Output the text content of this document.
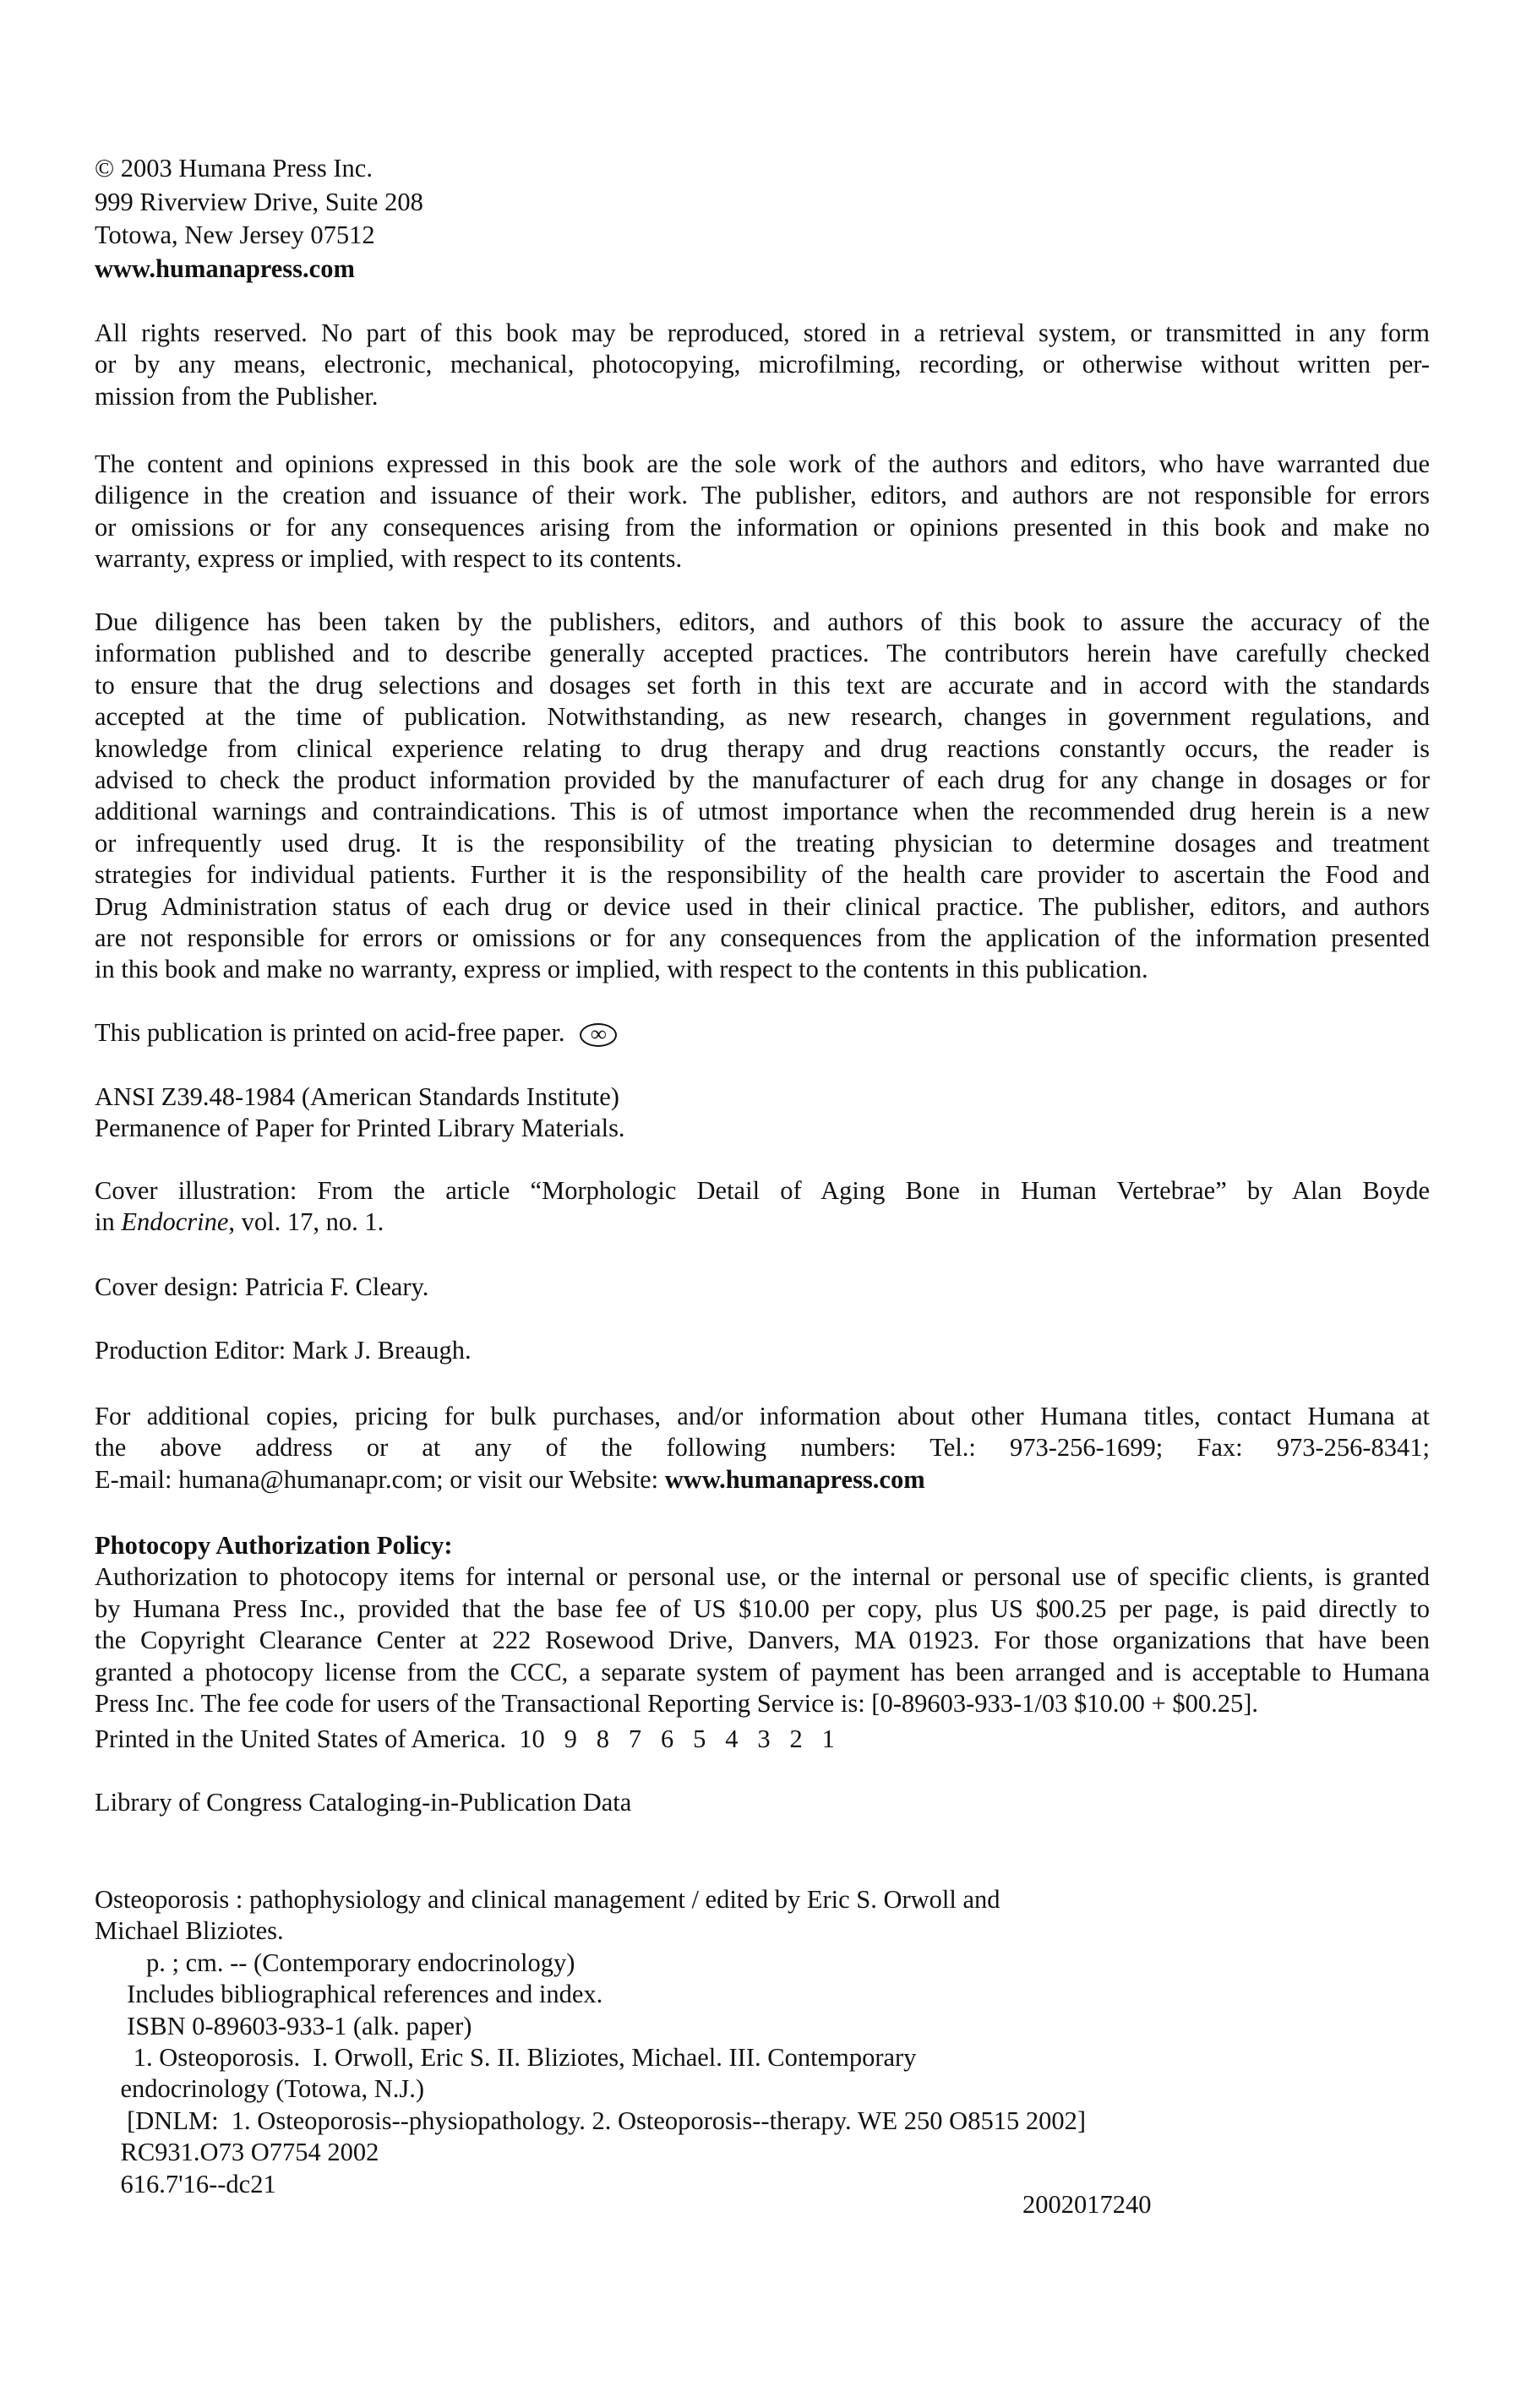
© 2003 Humana Press Inc.
999 Riverview Drive, Suite 208
Totowa, New Jersey 07512
www.humanapress.com
All rights reserved. No part of this book may be reproduced, stored in a retrieval system, or transmitted in any form
or by any means, electronic, mechanical, photocopying, microfilming, recording, or otherwise without written per-
mission from the Publisher.
The content and opinions expressed in this book are the sole work of the authors and editors, who have warranted due
diligence in the creation and issuance of their work. The publisher, editors, and authors are not responsible for errors
or omissions or for any consequences arising from the information or opinions presented in this book and make no
warranty, express or implied, with respect to its contents.
Due diligence has been taken by the publishers, editors, and authors of this book to assure the accuracy of the
information published and to describe generally accepted practices. The contributors herein have carefully checked
to ensure that the drug selections and dosages set forth in this text are accurate and in accord with the standards
accepted at the time of publication. Notwithstanding, as new research, changes in government regulations, and
knowledge from clinical experience relating to drug therapy and drug reactions constantly occurs, the reader is
advised to check the product information provided by the manufacturer of each drug for any change in dosages or for
additional warnings and contraindications. This is of utmost importance when the recommended drug herein is a new
or infrequently used drug. It is the responsibility of the treating physician to determine dosages and treatment
strategies for individual patients. Further it is the responsibility of the health care provider to ascertain the Food and
Drug Administration status of each drug or device used in their clinical practice. The publisher, editors, and authors
are not responsible for errors or omissions or for any consequences from the application of the information presented
in this book and make no warranty, express or implied, with respect to the contents in this publication.
This publication is printed on acid-free paper. ∞
ANSI Z39.48-1984 (American Standards Institute)
Permanence of Paper for Printed Library Materials.
Cover illustration: From the article “Morphologic Detail of Aging Bone in Human Vertebrae” by Alan Boyde
in Endocrine, vol. 17, no. 1.
Cover design: Patricia F. Cleary.
Production Editor: Mark J. Breaugh.
For additional copies, pricing for bulk purchases, and/or information about other Humana titles, contact Humana at
the above address or at any of the following numbers: Tel.: 973-256-1699; Fax: 973-256-8341;
E-mail: humana@humanapr.com; or visit our Website: www.humanapress.com
Photocopy Authorization Policy:
Authorization to photocopy items for internal or personal use, or the internal or personal use of specific clients, is granted
by Humana Press Inc., provided that the base fee of US $10.00 per copy, plus US $00.25 per page, is paid directly to
the Copyright Clearance Center at 222 Rosewood Drive, Danvers, MA 01923. For those organizations that have been
granted a photocopy license from the CCC, a separate system of payment has been arranged and is acceptable to Humana
Press Inc. The fee code for users of the Transactional Reporting Service is: [0-89603-933-1/03 $10.00 + $00.25].
Printed in the United States of America.  10   9   8   7   6   5   4   3   2   1
Library of Congress Cataloging-in-Publication Data
Osteoporosis : pathophysiology and clinical management / edited by Eric S. Orwoll and
Michael Bliziotes.
p. ; cm. -- (Contemporary endocrinology)
Includes bibliographical references and index.
ISBN 0-89603-933-1 (alk. paper)
1. Osteoporosis.  I. Orwoll, Eric S. II. Bliziotes, Michael. III. Contemporary
endocrinology (Totowa, N.J.)
[DNLM:  1. Osteoporosis--physiopathology. 2. Osteoporosis--therapy. WE 250 O8515 2002]
RC931.O73 O7754 2002
616.7'16--dc21
2002017240
